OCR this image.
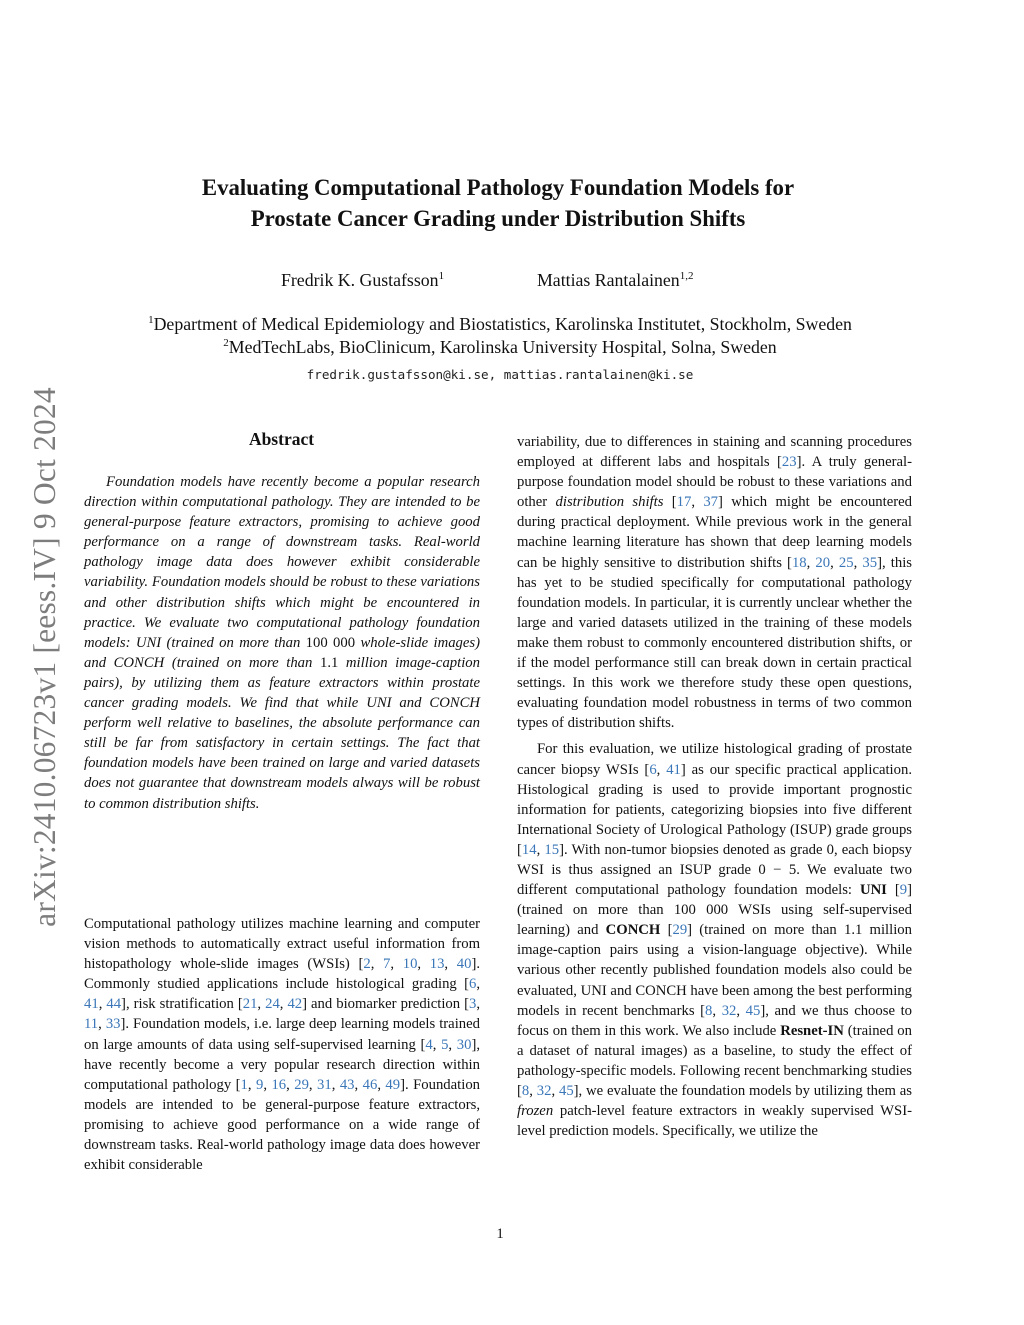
arXiv:2410.06723v1 [eess.IV] 9 Oct 2024
Evaluating Computational Pathology Foundation Models for
Prostate Cancer Grading under Distribution Shifts
Fredrik K. Gustafsson$^1$	Mattias Rantalainen$^{1,2}$
$^1$Department of Medical Epidemiology and Biostatistics, Karolinska Institutet, Stockholm, Sweden
$^2$MedTechLabs, BioClinicum, Karolinska University Hospital, Solna, Sweden
fredrik.gustafsson@ki.se, mattias.rantalainen@ki.se
Abstract
Foundation models have recently become a popular research direction within computational pathology. They are intended to be general-purpose feature extractors, promising to achieve good performance on a range of downstream tasks. Real-world pathology image data does however exhibit considerable variability. Foundation models should be robust to these variations and other distribution shifts which might be encountered in practice. We evaluate two computational pathology foundation models: UNI (trained on more than 100 000 whole-slide images) and CONCH (trained on more than 1.1 million image-caption pairs), by utilizing them as feature extractors within prostate cancer grading models. We find that while UNI and CONCH perform well relative to baselines, the absolute performance can still be far from satisfactory in certain settings. The fact that foundation models have been trained on large and varied datasets does not guarantee that downstream models always will be robust to common distribution shifts.

Computational pathology utilizes machine learning and computer vision methods to automatically extract useful information from histopathology whole-slide images (WSIs) [2, 7, 10, 13, 40]. Commonly studied applications include histological grading [6, 41, 44], risk stratification [21, 24, 42] and biomarker prediction [3, 11, 33]. Foundation models, i.e. large deep learning models trained on large amounts of data using self-supervised learning [4, 5, 30], have recently become a very popular research direction within computational pathology [1, 9, 16, 29, 31, 43, 46, 49]. Foundation models are intended to be general-purpose feature extractors, promising to achieve good performance on a wide range of downstream tasks. Real-world pathology image data does however exhibit considerable

variability, due to differences in staining and scanning procedures employed at different labs and hospitals [23]. A truly general-purpose foundation model should be robust to these variations and other distribution shifts [17, 37] which might be encountered during practical deployment. While previous work in the general machine learning literature has shown that deep learning models can be highly sensitive to distribution shifts [18, 20, 25, 35], this has yet to be studied specifically for computational pathology foundation models. In particular, it is currently unclear whether the large and varied datasets utilized in the training of these models make them robust to commonly encountered distribution shifts, or if the model performance still can break down in certain practical settings. In this work we therefore study these open questions, evaluating foundation model robustness in terms of two common types of distribution shifts.

For this evaluation, we utilize histological grading of prostate cancer biopsy WSIs [6, 41] as our specific practical application. Histological grading is used to provide important prognostic information for patients, categorizing biopsies into five different International Society of Urological Pathology (ISUP) grade groups [14, 15]. With non-tumor biopsies denoted as grade 0, each biopsy WSI is thus assigned an ISUP grade 0 − 5. We evaluate two different computational pathology foundation models: UNI [9] (trained on more than 100 000 WSIs using self-supervised learning) and CONCH [29] (trained on more than 1.1 million image-caption pairs using a vision-language objective). While various other recently published foundation models also could be evaluated, UNI and CONCH have been among the best performing models in recent benchmarks [8, 32, 45], and we thus choose to focus on them in this work. We also include Resnet-IN (trained on a dataset of natural images) as a baseline, to study the effect of pathology-specific models. Following recent benchmarking studies [8, 32, 45], we evaluate the foundation models by utilizing them as frozen patch-level feature extractors in weakly supervised WSI-level prediction models. Specifically, we utilize the

1
